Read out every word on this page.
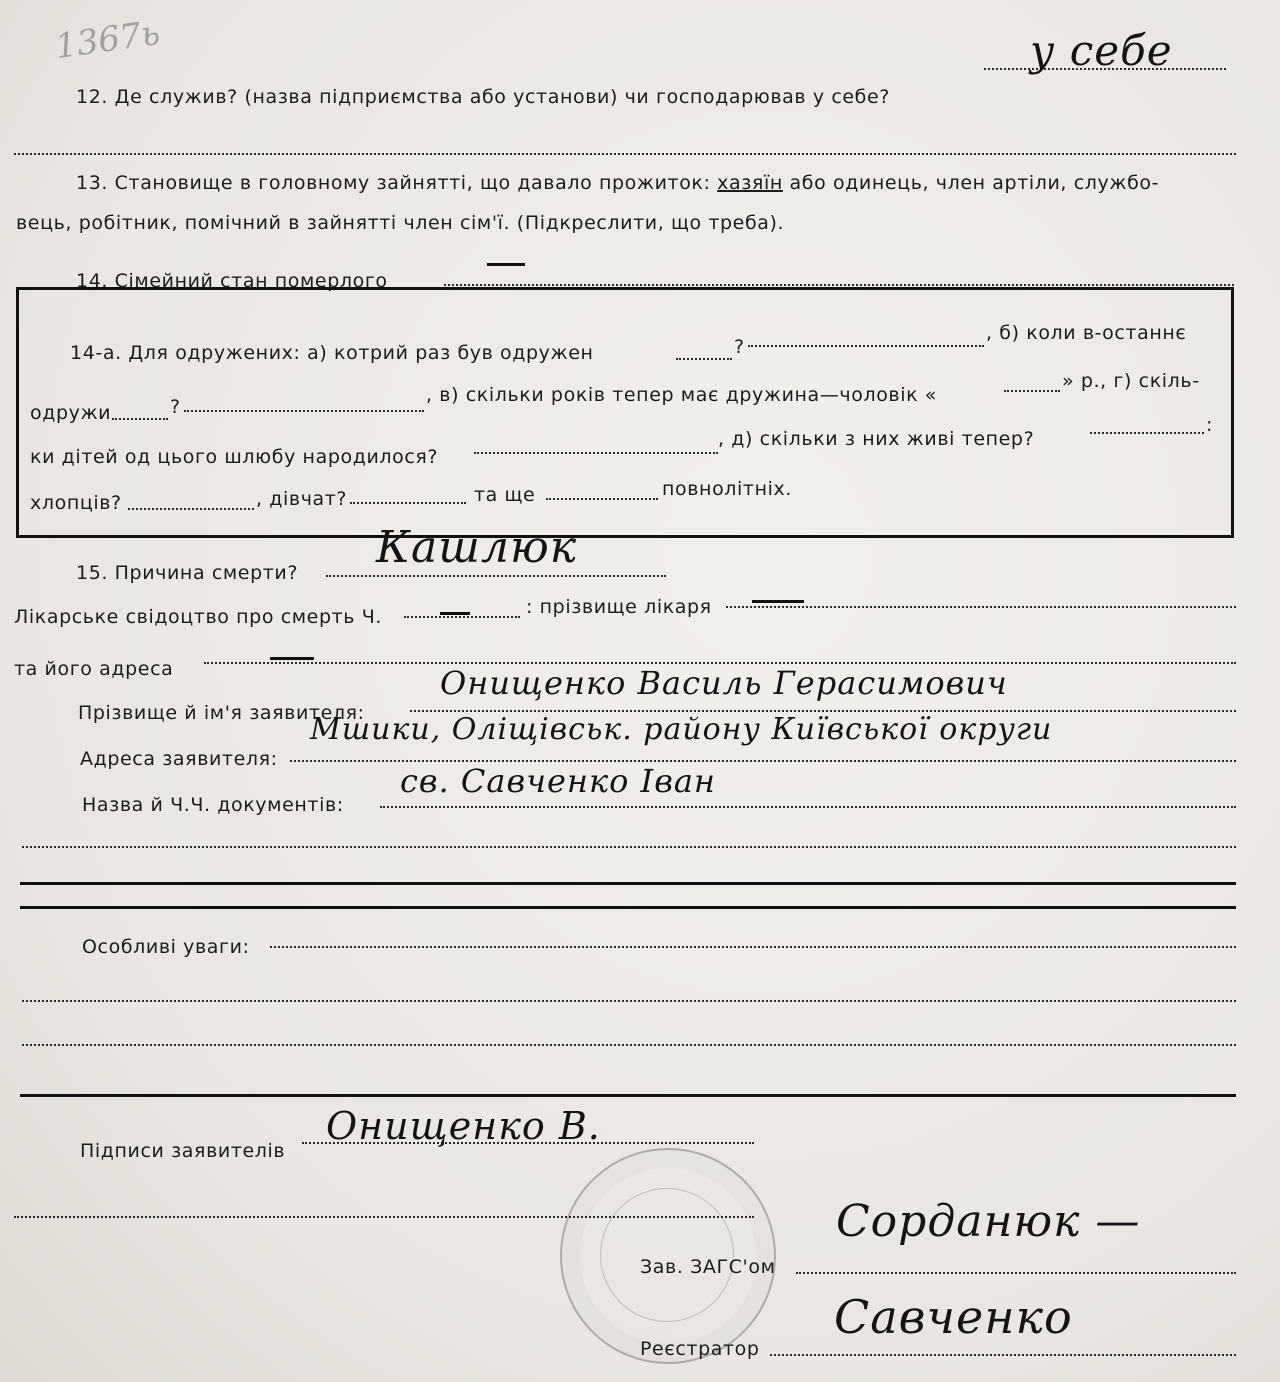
1367ь
12. Де служив? (назва підприємства або установи) чи господарював у себе?
у себе
13. Становище в головному зайнятті, що давало прожиток: хазяїн або одинець, член артіли, службо-
вець, робітник, помічний в зайнятті член сім'ї. (Підкреслити, що треба).
14. Сімейний стан померлого
14-а. Для одружених: а) котрий раз був одружен	?
, б) коли в-останнє
одружи	?
, в) скільки років тепер має дружина—чоловік «
» р., г) скіль-
ки дітей од цього шлюбу народилося?
, д) скільки з них живі тепер?
:
хлопців?	, дівчат?	та ще	повнолітніх.
15. Причина смерти? Кашлюк
Лікарське свідоцтво про смерть Ч.	: прізвище лікаря
та його адреса
Прізвище й ім'я заявителя:
Онищенко Василь Герасимович
Адреса заявителя:
Мшики, Оліщівськ. району Київської округи
Назва й Ч.Ч. документів:
св. Савченко Іван
Особливі уваги:
Підписи заявителів
Онищенко В.
Зав. ЗАГС'ом
Сорданюк —
Реєстратор
Савченко
